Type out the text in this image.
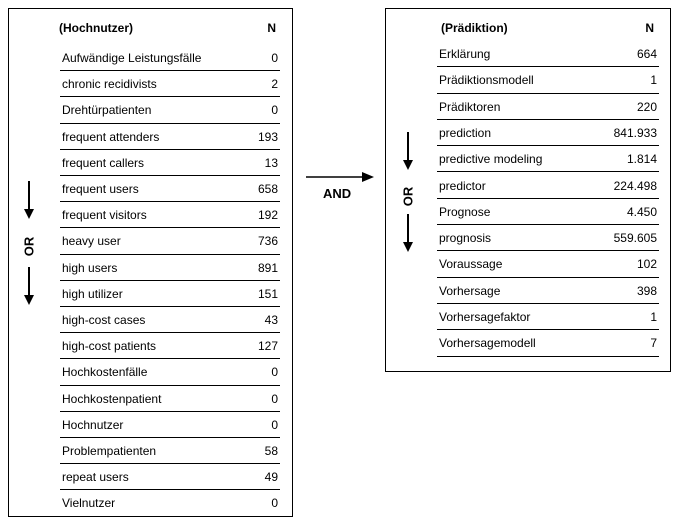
(Hochnutzer)	N
Aufwändige Leistungsfälle	0
chronic recidivists	2
Drehtürpatienten	0
frequent attenders	193
frequent callers	13
frequent users	658
frequent visitors	192
heavy user	736
high users	891
high utilizer	151
high-cost cases	43
high-cost patients	127
Hochkostenfälle	0
Hochkostenpatient	0
Hochnutzer	0
Problempatienten	58
repeat users	49
Vielnutzer	0
OR
AND
(Prädiktion)	N
Erklärung	664
Prädiktionsmodell	1
Prädiktoren	220
prediction	841.933
predictive modeling	1.814
predictor	224.498
Prognose	4.450
prognosis	559.605
Voraussage	102
Vorhersage	398
Vorhersagefaktor	1
Vorhersagemodell	7
OR
